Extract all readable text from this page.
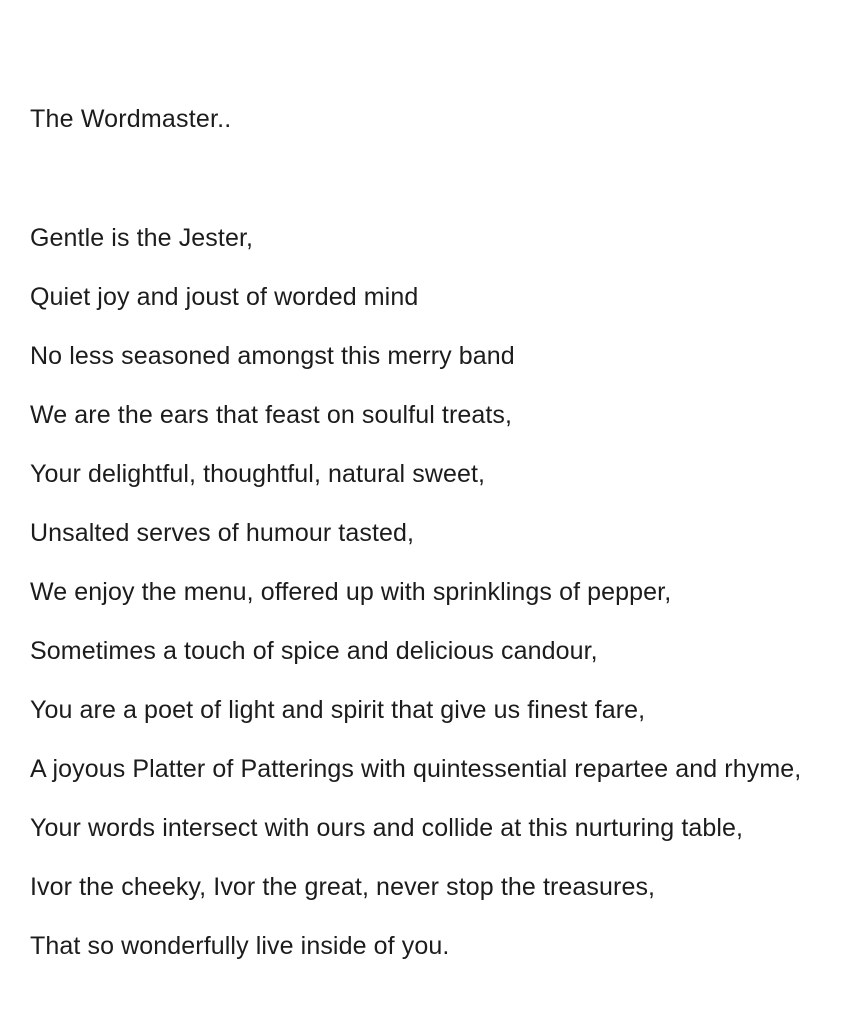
The Wordmaster..

Gentle is the Jester,

Quiet joy and joust of worded mind

No less seasoned amongst this merry band

We are the ears that feast on soulful treats,

Your delightful, thoughtful, natural sweet,

Unsalted serves of humour tasted,

We enjoy the menu, offered up with sprinklings of pepper,

Sometimes a touch of spice and delicious candour,

You are a poet of light and spirit that give us finest fare,

A joyous Platter of Patterings with quintessential repartee and rhyme,

Your words intersect with ours and collide at this nurturing table,

Ivor the cheeky, Ivor the great, never stop the treasures,

That so wonderfully live inside of you.
